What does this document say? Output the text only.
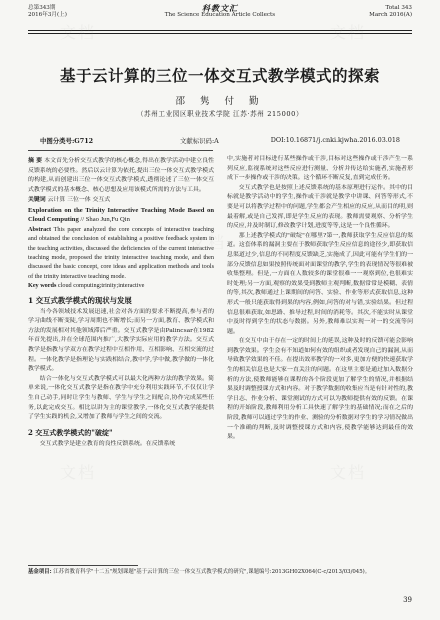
总第343期
2016年3月(上)
科教文汇
The Science Education Article Collects
Total 343
March 2016(A)
基于云计算的三位一体交互式教学模式的探索
邵 隽 付 勤
（苏州工业园区职业技术学院 江苏·苏州 215000）
中图分类号:G712	文献标识码:A	DOI:10.16871/j.cnki.kjwha.2016.03.018

摘 要 本文首先分析交互式教学的核心概念,得出在教学活动中建立良性反馈系统的必要性。然后以云计算为依托,提出三位一体交互式教学模式的构建,从而创建出三位一体交互式教学模式,透彻论述了三位一体交互式教学模式的基本概念、核心思想及应用该模式所需的方法与工具。

关键词 云计算 三位一体 交互式

Exploration on the Trinity Interactive Teaching Mode Based on Cloud Computing // Shao Jun,Fu Qin

Abstract This paper analyzed the core concepts of interactive teaching and obtained the conclusion of establishing a positive feedback system in the teaching activities, discussed the deficiencies of the current interactive teaching mode, proposed the trinity interactive teaching mode, and then discussed the basic concept, core ideas and application methods and tools of the trinity interactive teaching mode.

Key words cloud computing;trinity;interactive

1 交互式教学模式的现状与发展

当今各领域技术发展迅速,社会对各方面的要求不断提高,参与者的学习曲线不断变陡,学习周期也不断增长;而另一方面,教育、教学模式和方法的发展相对其他领域滞后严重。交互式教学是由Palincsar在1982年首先提出,并在全球范围内推广,大教学实际应用的教学方法。交互式教学是指教与学双方在教学过程中互相作用、互相影响、互相交流的过程。一体化教学是指理论与实践相结合,教中学,学中做,教学做的一体化教学模式。

结合一体化与交互式教学模式可以最大化两种方法的教学效果。简单来说,一体化交互式教学是指在教学中充分利用实践环节,不仅仅让学生自己动手,同时让学生与教师、学生与学生之间配合,协作完成某些任务,以此完成交互。相比以讲为主的课堂教学,一体化交互式教学能提供了学生实践的机会,又增加了教师与学生之间的交流。

2 交互式教学模式的"破绽"

交互式教学是建立教育的良性反馈系统。在反馈系统

中,实施者对目标进行某些操作或干涉,目标对这些操作或干涉产生一系列反应,监视系统对这些反应进行测量、分析并传达给实施者,实施者形成下一步操作或干涉的决策。这个循环不断反复,直到完成任务。

交互式教学也是按照上述反馈系统的基本原理进行运作。其中的目标就是教学活动中的学生,操作或干涉就是教学中讲课、问答等形式,不要是可以将教学过程中的问题,学生都会产生相应的反应,从而目的明,则最着解,或是自己发挥,即是学生反应的表现。教师需要观察、分析学生的反应,并及时制订,修改教学计划,进度等等,这是一个良性循环。

那上述教学模式的"破绽"在哪里?第一,教师获取学生反应信息的渠道。这套体系的漏洞主要在于教师获取学生反应信息的途径少,即获取信息渠道过少,信息的不同程度反馈缺乏,实施成了,因此可能有学生们的一部分反馈信息如果按照传统面对面课堂的教学,学生的表现情况等很难被收集整理。但是,一方面在人数较多的课堂很难一一观察到位,也很难实时处理;另一方面,观察的效果受到教师主观判断,数据常常是模糊、表情的等,其次,教师通过上课期间的问答、实验、作业等形式获取信息,这种形式一般只能获取得到果的内容,例如,问答的对与错,实验结果。但过程信息很难获取,如思路、推导过程,时间的消耗等。其次,不能实时从课堂中及时得到学生的状态与数据。另外,教师难以实现一对一的交流等问题。

在交互中由于存在一定的时间上的延误,这种及时的反馈可能会影响到教学效果。学生会有不知道如何有效的组织或者发现自己的漏洞,从而导致教学效果的不佳。在提出效率教学的一对多,更加方便的快速获取学生的相关信息也是大家一直关注的问题。在这里主要是通过加入数据分析的方法,使教师能够在课程的各个阶段更加了解学生的情况,并根据结果及时调整授课方式和内容。对于教学数据的收集应当是有针对性的,教学日志、作业分析、课堂测试的方式可以为教师提供有效的反馈。在课程的开始阶段,教师利用分析工具快速了解学生的基础情况;而在之后的阶段,教师可以通过学生的作业、测验的分析数据对学生的学习情况做出一个准确的判断,及时调整授课方式和内容,使教学能够达到最佳的效果。

基金项目: 江苏省教育科学"十二五"规划课题"基于云计算的三位一体交互式教学模式的研究",课题编号:2013GH02X064(C-c/2013/03/045)。
39
文档	文档
文档
文档	文档
